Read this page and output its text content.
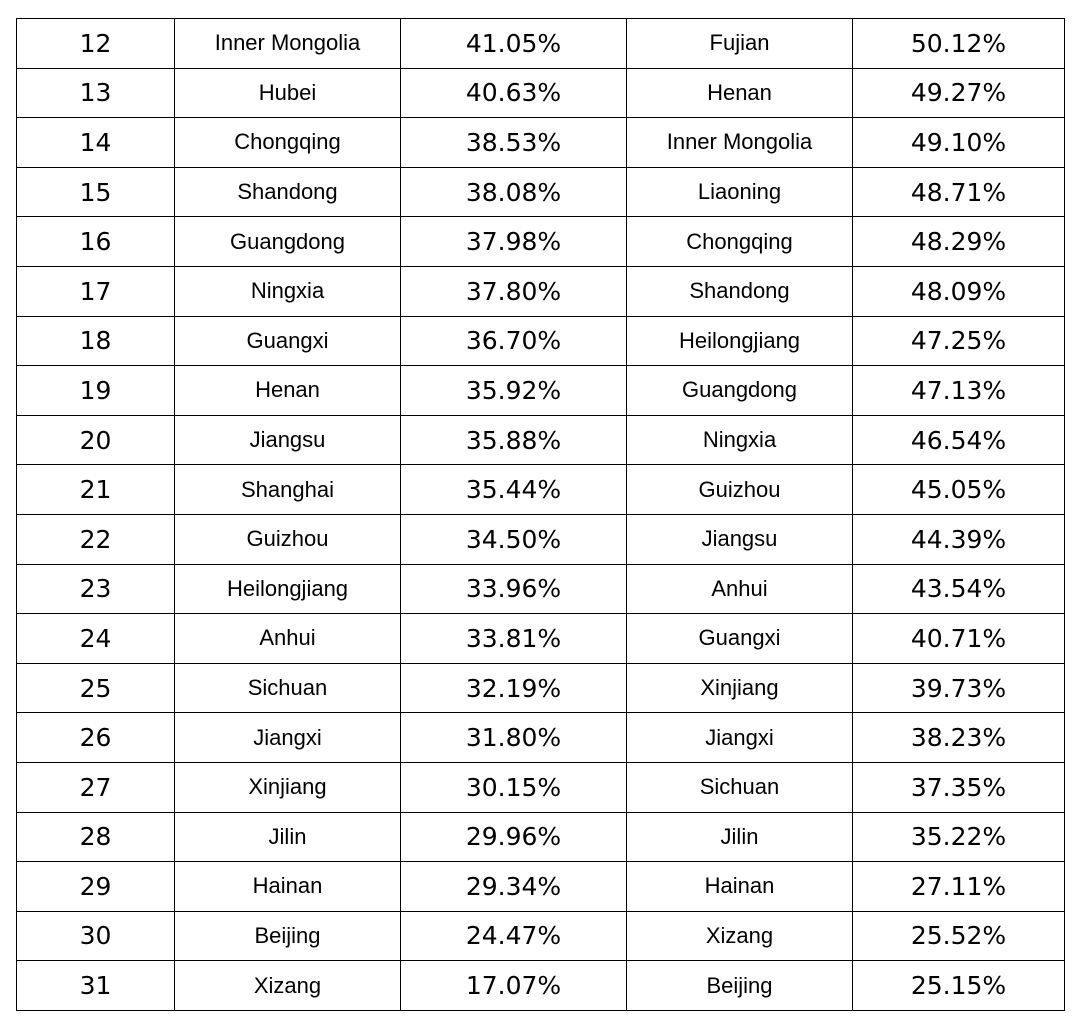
12	Inner Mongolia	41.05%	Fujian	50.12%
13	Hubei	40.63%	Henan	49.27%
14	Chongqing	38.53%	Inner Mongolia	49.10%
15	Shandong	38.08%	Liaoning	48.71%
16	Guangdong	37.98%	Chongqing	48.29%
17	Ningxia	37.80%	Shandong	48.09%
18	Guangxi	36.70%	Heilongjiang	47.25%
19	Henan	35.92%	Guangdong	47.13%
20	Jiangsu	35.88%	Ningxia	46.54%
21	Shanghai	35.44%	Guizhou	45.05%
22	Guizhou	34.50%	Jiangsu	44.39%
23	Heilongjiang	33.96%	Anhui	43.54%
24	Anhui	33.81%	Guangxi	40.71%
25	Sichuan	32.19%	Xinjiang	39.73%
26	Jiangxi	31.80%	Jiangxi	38.23%
27	Xinjiang	30.15%	Sichuan	37.35%
28	Jilin	29.96%	Jilin	35.22%
29	Hainan	29.34%	Hainan	27.11%
30	Beijing	24.47%	Xizang	25.52%
31	Xizang	17.07%	Beijing	25.15%
